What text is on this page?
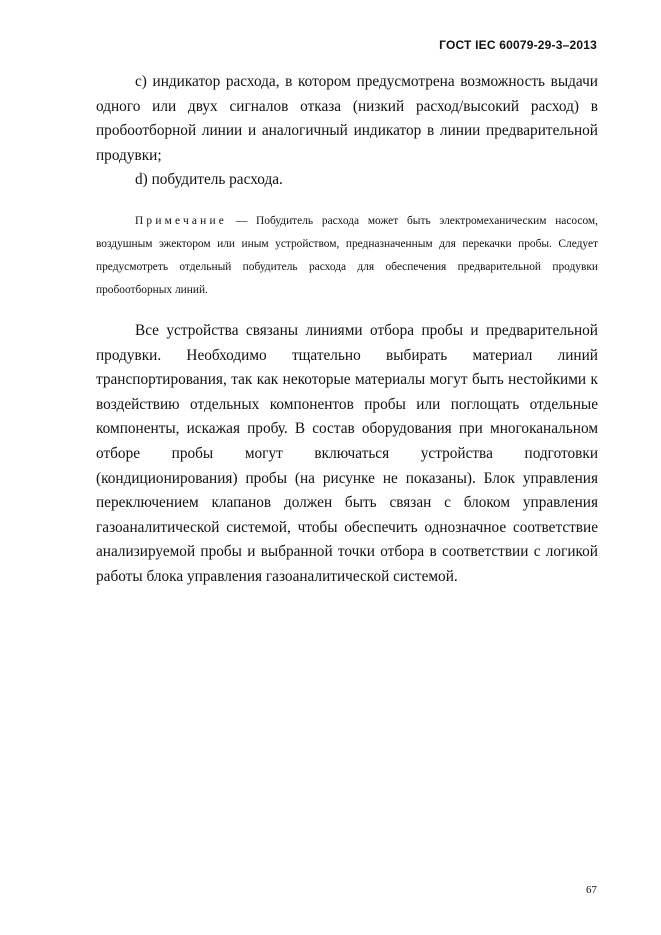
ГОСТ IEC 60079-29-3–2013

с) индикатор расхода, в котором предусмотрена возможность выдачи одного или двух сигналов отказа (низкий расход/высокий расход) в пробоотборной линии и аналогичный индикатор в линии предварительной продувки;

d) побудитель расхода.

Примечание — Побудитель расхода может быть электромеханическим насосом, воздушным эжектором или иным устройством, предназначенным для перекачки пробы. Следует предусмотреть отдельный побудитель расхода для обеспечения предварительной продувки пробоотборных линий.

Все устройства связаны линиями отбора пробы и предварительной продувки. Необходимо тщательно выбирать материал линий транспортирования, так как некоторые материалы могут быть нестойкими к воздействию отдельных компонентов пробы или поглощать отдельные компоненты, искажая пробу. В состав оборудования при многоканальном отборе пробы могут включаться устройства подготовки (кондиционирования) пробы (на рисунке не показаны). Блок управления переключением клапанов должен быть связан с блоком управления газоаналитической системой, чтобы обеспечить однозначное соответствие анализируемой пробы и выбранной точки отбора в соответствии с логикой работы блока управления газоаналитической системой.

67
